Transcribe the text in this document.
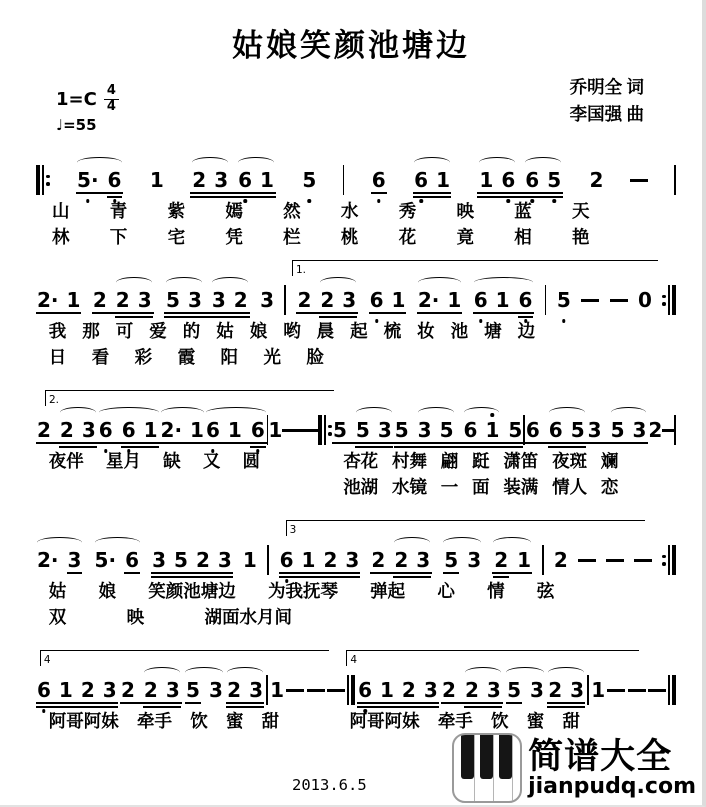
姑娘笑颜池塘边
$1=C \frac{4}{4}$
♩=55
乔明全 词
李国强 曲
5· 6 1 2 3 6 1 5	6 6 1 1 6 6 5 2
山 青 紫 嫣 然 水 秀 映 蓝 天
林 下 宅 凭 栏 桃 花 竟 相 艳
1.
2· 1 2 2 3 5 3 3 2 3 2 2 3 6 1 2· 1 6 1 6 5	0
我 那 可 爱 的 姑 娘 哟 晨 起 梳 妆 池 塘 边
日 看 彩 霞 阳 光 脸
2.
2 2 3 6 6 1 2· 1 6 1 6 1	5 5 3 5 3 5 6 1 5 6 6 5 3 5 3 2
夜伴 星月 缺 又 圆	杏花 村舞 翩 跹 潇笛 夜斑 斓
池湖 水镜 一 面 装满 情人 恋
3
2· 3 5· 6 3 5 2 3 1 6 1 2 3 2 2 3 5 3 2 1 2
姑 娘 笑颜池塘边 为我抚琴 弹起 心 情 弦
双	映	湖面水月间
4	4
6 1 2 3 2 2 3 5 3 2 3 1	6 1 2 3 2 2 3 5 3 2 3 1
阿哥阿妹 牵手 饮 蜜 甜	阿哥阿妹 牵手 饮 蜜 甜
2013.6.5
简谱大全
jianpudq.com
